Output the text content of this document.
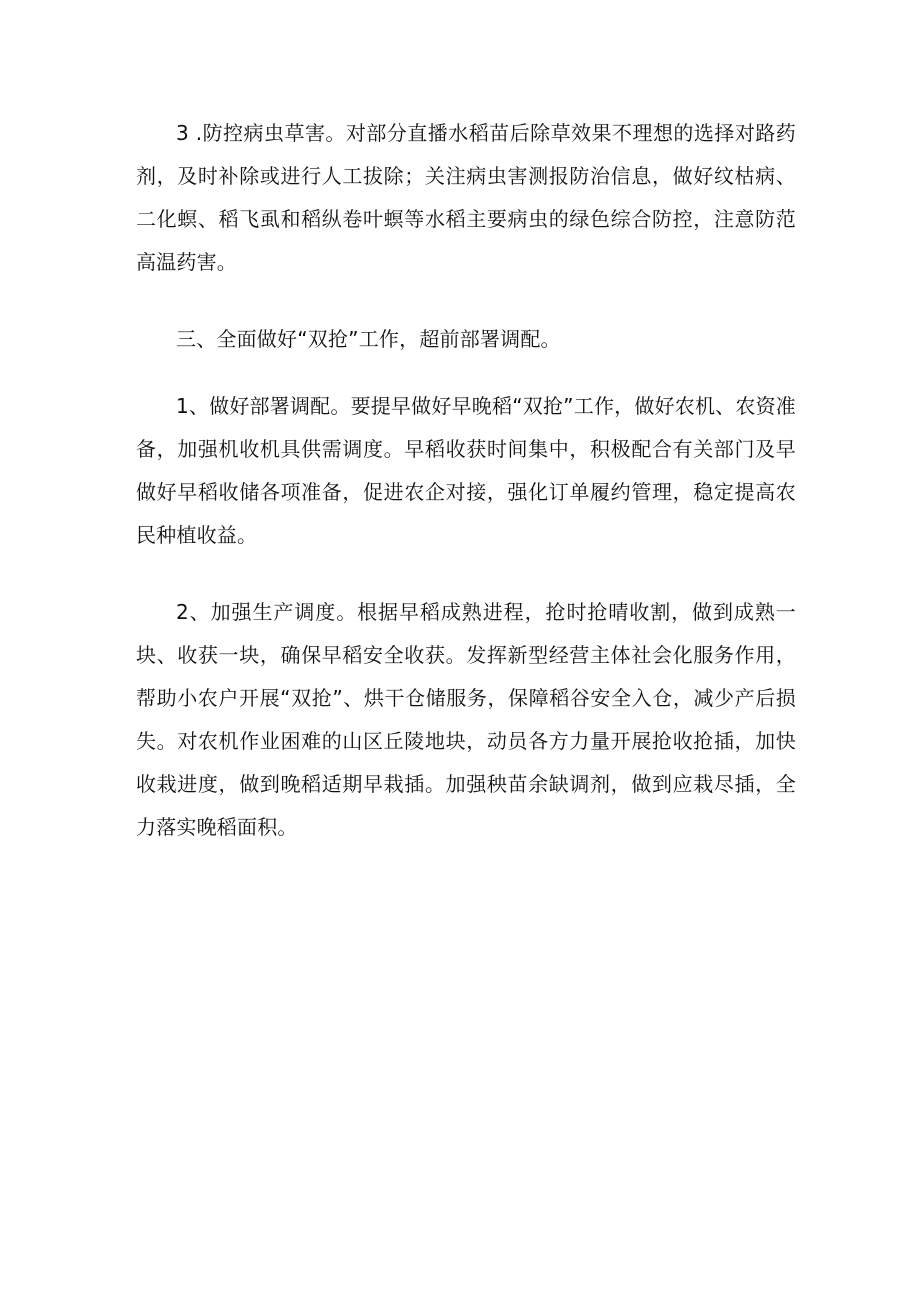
3 .防控病虫草害。对部分直播水稻苗后除草效果不理想的选择对路药剂，及时补除或进行人工拔除；关注病虫害测报防治信息，做好纹枯病、二化螟、稻飞虱和稻纵卷叶螟等水稻主要病虫的绿色综合防控，注意防范高温药害。

三、全面做好“双抢”工作，超前部署调配。

1、做好部署调配。要提早做好早晚稻“双抢”工作，做好农机、农资准备，加强机收机具供需调度。早稻收获时间集中，积极配合有关部门及早做好早稻收储各项准备，促进农企对接，强化订单履约管理，稳定提高农民种植收益。

2、加强生产调度。根据早稻成熟进程，抢时抢晴收割，做到成熟一块、收获一块，确保早稻安全收获。发挥新型经营主体社会化服务作用，帮助小农户开展“双抢”、烘干仓储服务，保障稻谷安全入仓，减少产后损失。对农机作业困难的山区丘陵地块，动员各方力量开展抢收抢插，加快收栽进度，做到晚稻适期早栽插。加强秧苗余缺调剂，做到应栽尽插，全力落实晚稻面积。
